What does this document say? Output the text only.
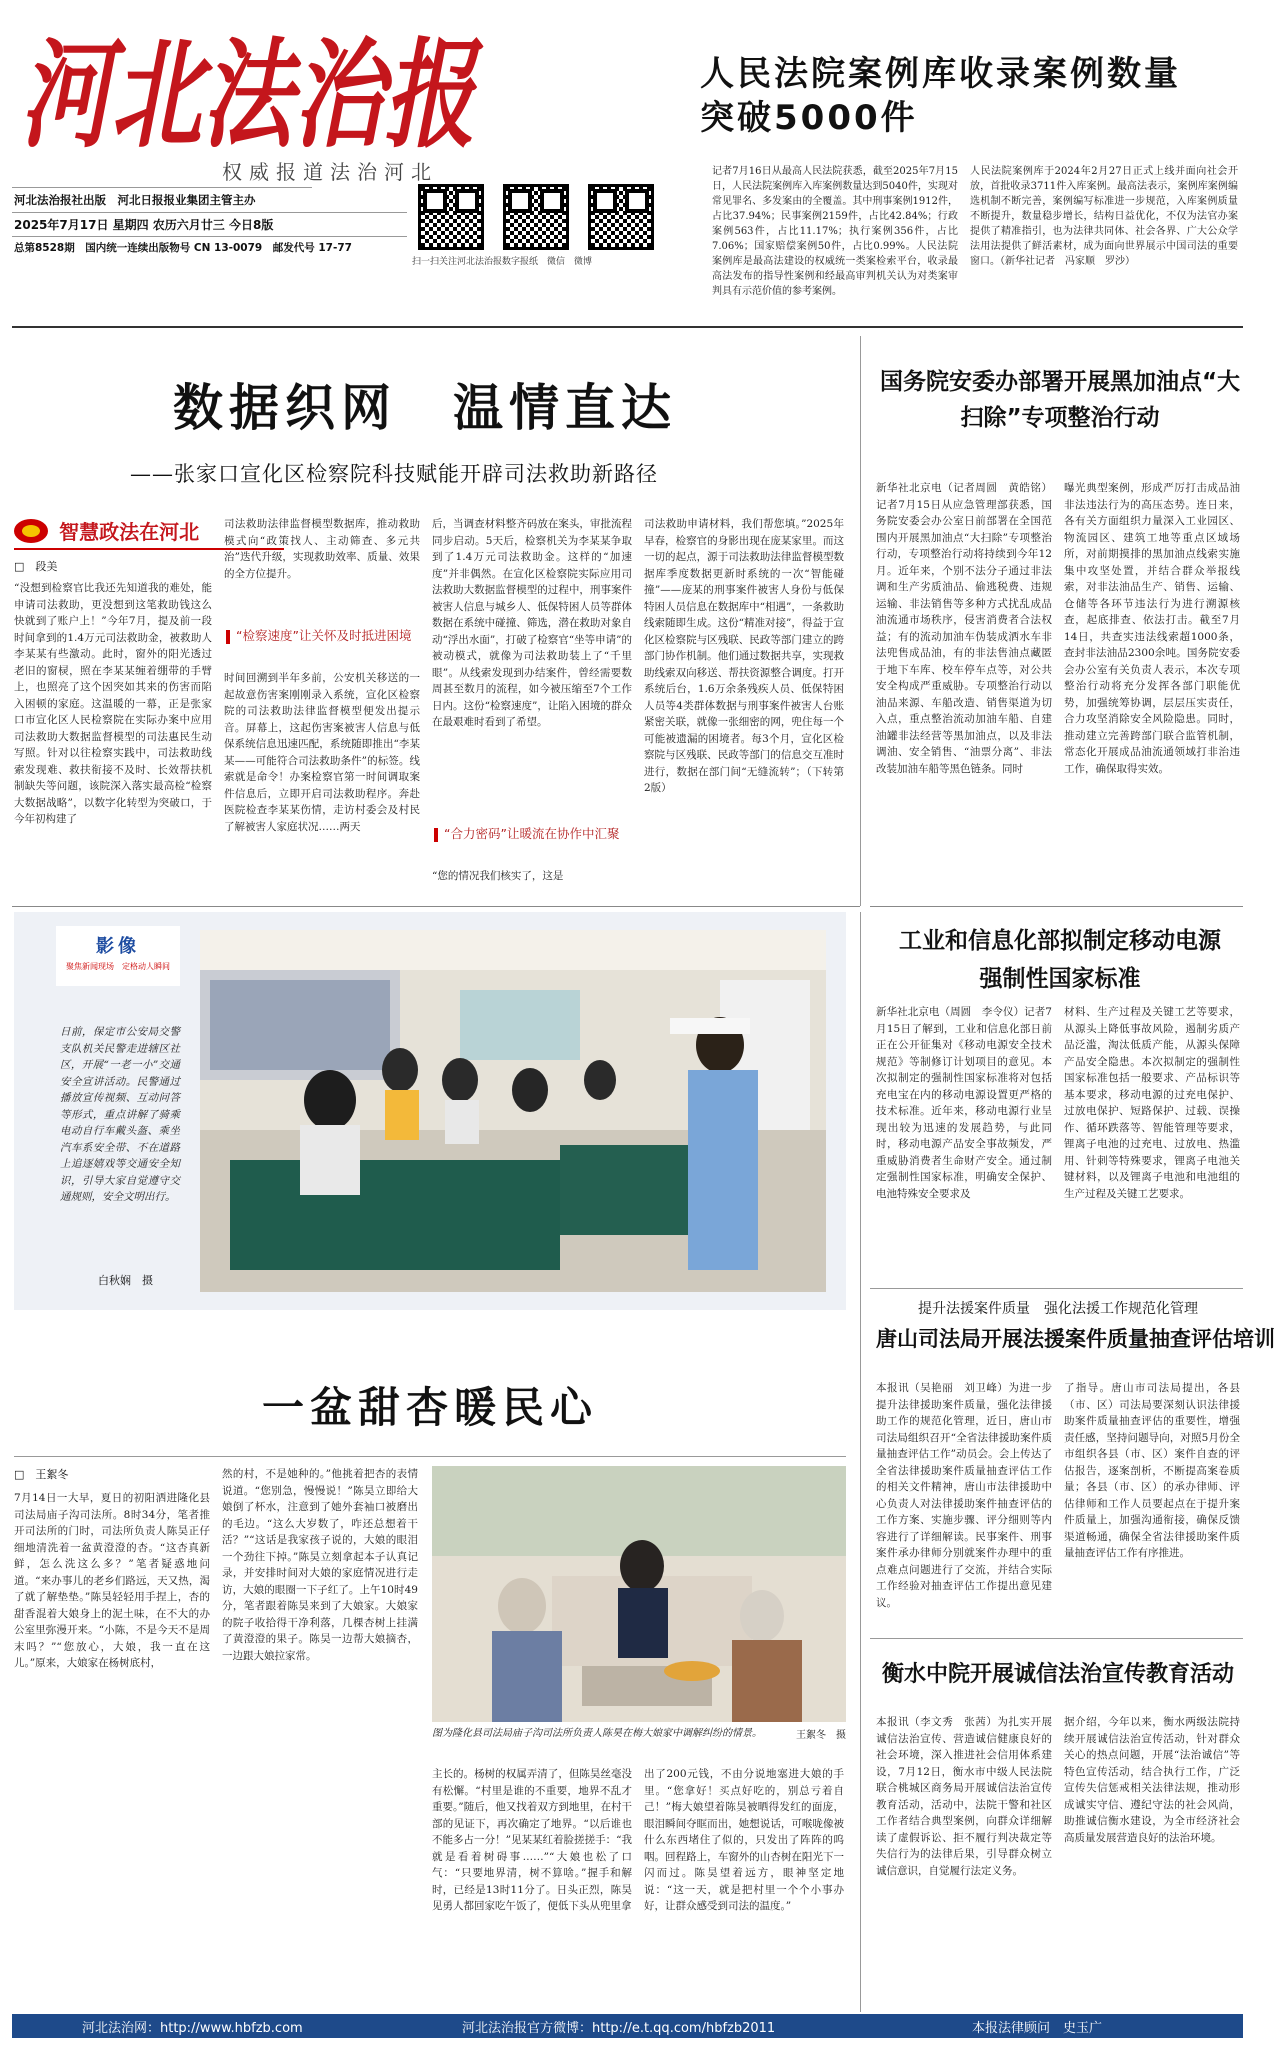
河北法治报
权威报道法治河北
河北法治报社出版　河北日报报业集团主管主办
2025年7月17日 星期四 农历六月廿三 今日8版
总第8528期　国内统一连续出版物号 CN 13-0079　邮发代号 17-77
扫一扫关注河北法治报数字报纸　微信　微博
人民法院案例库收录案例数量突破5000件
记者7月16日从最高人民法院获悉，截至2025年7月15日，人民法院案例库入库案例数量达到5040件，实现对常见罪名、多发案由的全覆盖。其中刑事案例1912件，占比37.94%；民事案例2159件，占比42.84%；行政案例563件，占比11.17%；执行案例356件，占比7.06%；国家赔偿案例50件，占比0.99%。人民法院案例库是最高法建设的权威统一类案检索平台，收录最高法发布的指导性案例和经最高审判机关认为对类案审判具有示范价值的参考案例。
人民法院案例库于2024年2月27日正式上线并面向社会开放，首批收录3711件入库案例。最高法表示，案例库案例编选机制不断完善，案例编写标准进一步规范，入库案例质量不断提升，数量稳步增长，结构日益优化，不仅为法官办案提供了精准指引，也为法律共同体、社会各界、广大公众学法用法提供了鲜活素材，成为面向世界展示中国司法的重要窗口。（新华社记者　冯家顺　罗沙）
数据织网　温情直达
——张家口宣化区检察院科技赋能开辟司法救助新路径
智慧政法在河北
□　段美
“没想到检察官比我还先知道我的难处，能申请司法救助，更没想到这笔救助钱这么快就到了账户上！”今年7月，提及前一段时间拿到的1.4万元司法救助金，被救助人李某某有些激动。此时，窗外的阳光透过老旧的窗棂，照在李某某缠着绷带的手臂上，也照亮了这个因突如其来的伤害而陷入困顿的家庭。这温暖的一幕，正是张家口市宣化区人民检察院在实际办案中应用司法救助大数据监督模型的司法惠民生动写照。针对以往检察实践中，司法救助线索发现难、救扶衔接不及时、长效帮扶机制缺失等问题，该院深入落实最高检“检察大数据战略”，以数字化转型为突破口，于今年初构建了
司法救助法律监督模型数据库，推动救助模式向“政策找人、主动筛查、多元共治”迭代升级，实现救助效率、质量、效果的全方位提升。
“检察速度”让关怀及时抵进困境
时间回溯到半年多前，公安机关移送的一起故意伤害案刚刚录入系统，宣化区检察院的司法救助法律监督模型便发出提示音。屏幕上，这起伤害案被害人信息与低保系统信息迅速匹配，系统随即推出“李某某——可能符合司法救助条件”的标签。线索就是命令！办案检察官第一时间调取案件信息后，立即开启司法救助程序。奔赴医院检查李某某伤情，走访村委会及村民了解被害人家庭状况……两天
后，当调查材料整齐码放在案头，审批流程同步启动。5天后，检察机关为李某某争取到了1.4万元司法救助金。这样的“加速度”并非偶然。在宣化区检察院实际应用司法救助大数据监督模型的过程中，刑事案件被害人信息与城乡人、低保特困人员等群体数据在系统中碰撞、筛选，潜在救助对象自动“浮出水面”，打破了检察官“坐等申请”的被动模式，就像为司法救助装上了“千里眼”。从线索发现到办结案件，曾经需要数周甚至数月的流程，如今被压缩至7个工作日内。这份“检察速度”，让陷入困境的群众在最艰难时看到了希望。
“合力密码”让暖流在协作中汇聚
“您的情况我们核实了，这是
司法救助申请材料，我们帮您填。”2025年早春，检察官的身影出现在庞某家里。而这一切的起点，源于司法救助法律监督模型数据库季度数据更新时系统的一次“智能碰撞”——庞某的刑事案件被害人身份与低保特困人员信息在数据库中“相遇”，一条救助线索随即生成。这份“精准对接”，得益于宣化区检察院与区残联、民政等部门建立的跨部门协作机制。他们通过数据共享，实现救助线索双向移送、帮扶资源整合调度。打开系统后台，1.6万余条残疾人员、低保特困人员等4类群体数据与刑事案件被害人台账紧密关联，就像一张细密的网，兜住每一个可能被遗漏的困境者。每3个月，宣化区检察院与区残联、民政等部门的信息交互准时进行，数据在部门间“无缝流转”；（下转第2版）
国务院安委办部署开展黑加油点“大扫除”专项整治行动
新华社北京电（记者周圆　黄皓铭）记者7月15日从应急管理部获悉，国务院安委会办公室日前部署在全国范围内开展黑加油点“大扫除”专项整治行动，专项整治行动将持续到今年12月。近年来，个别不法分子通过非法调和生产劣质油品、偷逃税费、违规运输、非法销售等多种方式扰乱成品油流通市场秩序，侵害消费者合法权益；有的流动加油车伪装成洒水车非法兜售成品油，有的非法售油点藏匿于地下车库、校车停车点等，对公共安全构成严重威胁。专项整治行动以油品来源、车船改造、销售渠道为切入点，重点整治流动加油车船、自建油罐非法经营等黑加油点，以及非法调油、安全销售、“油票分离”、非法改装加油车船等黑色链条。同时
曝光典型案例，形成严厉打击成品油非法违法行为的高压态势。连日来，各有关方面组织力量深入工业园区、物流园区、建筑工地等重点区域场所，对前期摸排的黑加油点线索实施集中攻坚处置，并结合群众举报线索，对非法油品生产、销售、运输、仓储等各环节违法行为进行溯源核查，起底排查、依法打击。截至7月14日，共查实违法线索超1000条，查封非法油品2300余吨。国务院安委会办公室有关负责人表示，本次专项整治行动将充分发挥各部门职能优势，加强统筹协调，层层压实责任，合力攻坚消除安全风险隐患。同时，推动建立完善跨部门联合监管机制，常态化开展成品油流通领域打非治违工作，确保取得实效。
影像
聚焦新闻现场　定格动人瞬间
日前，保定市公安局交警支队机关民警走进辖区社区，开展“一老一小”交通安全宣讲活动。民警通过播放宣传视频、互动问答等形式，重点讲解了骑乘电动自行车戴头盔、乘坐汽车系安全带、不在道路上追逐嬉戏等交通安全知识，引导大家自觉遵守交通规则，安全文明出行。
白秋娴　摄
工业和信息化部拟制定移动电源强制性国家标准
新华社北京电（周圆　李令仪）记者7月15日了解到，工业和信息化部日前正在公开征集对《移动电源安全技术规范》等制修订计划项目的意见。本次拟制定的强制性国家标准将对包括充电宝在内的移动电源设置更严格的技术标准。近年来，移动电源行业呈现出较为迅速的发展趋势，与此同时，移动电源产品安全事故频发，严重威胁消费者生命财产安全。通过制定强制性国家标准，明确安全保护、电池特殊安全要求及
材料、生产过程及关键工艺等要求，从源头上降低事故风险，遏制劣质产品泛滥，淘汰低质产能，从源头保障产品安全隐患。本次拟制定的强制性国家标准包括一般要求、产品标识等基本要求，移动电源的过充电保护、过放电保护、短路保护、过载、误操作、循环跌落等、智能管理等要求，锂离子电池的过充电、过放电、热滥用、针刺等特殊要求，锂离子电池关键材料，以及锂离子电池和电池组的生产过程及关键工艺要求。
提升法援案件质量　强化法援工作规范化管理
唐山司法局开展法援案件质量抽查评估培训
本报讯（吴艳丽　刘卫峰）为进一步提升法律援助案件质量，强化法律援助工作的规范化管理，近日，唐山市司法局组织召开“全省法律援助案件质量抽查评估工作”动员会。会上传达了全省法律援助案件质量抽查评估工作的相关文件精神，唐山市法律援助中心负责人对法律援助案件抽查评估的工作方案、实施步骤、评分细则等内容进行了详细解读。民事案件、刑事案件承办律师分别就案件办理中的重点难点问题进行了交流，并结合实际工作经验对抽查评估工作提出意见建议。
了指导。唐山市司法局提出，各县（市、区）司法局要深刻认识法律援助案件质量抽查评估的重要性，增强责任感，坚持问题导向，对照5月份全市组织各县（市、区）案件自查的评估报告，逐案剖析，不断提高案卷质量；各县（市、区）的承办律师、评估律师和工作人员要起点在于提升案件质量上，加强沟通衔接，确保反馈渠道畅通，确保全省法律援助案件质量抽查评估工作有序推进。
衡水中院开展诚信法治宣传教育活动
本报讯（李文秀　张茜）为扎实开展诚信法治宣传、营造诚信健康良好的社会环境，深入推进社会信用体系建设，7月12日，衡水市中级人民法院联合桃城区商务局开展诚信法治宣传教育活动，活动中，法院干警和社区工作者结合典型案例，向群众详细解读了虚假诉讼、拒不履行判决裁定等失信行为的法律后果，引导群众树立诚信意识，自觉履行法定义务。
据介绍，今年以来，衡水两级法院持续开展诚信法治宣传活动，针对群众关心的热点问题，开展“法治诚信”等特色宣传活动，结合执行工作，广泛宣传失信惩戒相关法律法规，推动形成诚实守信、遵纪守法的社会风尚，助推诚信衡水建设，为全市经济社会高质量发展营造良好的法治环境。
一盆甜杏暖民心
□　王絮冬
7月14日一大早，夏日的初阳洒进隆化县司法局庙子沟司法所。8时34分，笔者推开司法所的门时，司法所负责人陈昊正仔细地清洗着一盆黄澄澄的杏。“这杏真新鲜，怎么洗这么多？”笔者疑惑地问道。“来办事儿的老乡们路远，天又热，渴了就了解垫垫。”陈昊轻轻用手捏上，杏的甜香混着大娘身上的泥土味，在不大的办公室里弥漫开来。“小陈，不是今天不是周末吗？”“您放心，大娘，我一直在这儿。”原来，大娘家在杨树底村，
然的村，不是她种的。”他挑着把杏的表情说道。“您别急，慢慢说！”陈昊立即给大娘倒了杯水，注意到了她外套袖口被磨出的毛边。“这么大岁数了，咋还总想着干活？”“这话是我家孩子说的，大娘的眼泪一个劲往下掉。”陈昊立刻拿起本子认真记录，并安排时间对大娘的家庭情况进行走访，大娘的眼圈一下子红了。上午10时49分，笔者跟着陈昊来到了大娘家。大娘家的院子收拾得干净利落，几棵杏树上挂满了黄澄澄的果子。陈昊一边帮大娘摘杏，一边跟大娘拉家常。
图为隆化县司法局庙子沟司法所负责人陈昊在梅大娘家中调解纠纷的情景。	王絮冬　摄
主长的。杨树的权属弄清了，但陈昊丝毫没有松懈。“村里是谁的不重要，地界不乱才重要。”随后，他又找着双方到地里，在村干部的见证下，再次确定了地界。“以后谁也不能多占一分！”见某某红着脸搓搓手：“我就是看着树碍事……”“大娘也松了口气：“只要地界清，树不算啥。”握手和解时，已经是13时11分了。日头正烈，陈昊见勇人都回家吃午饭了，便低下头从兜里拿
出了200元钱，不由分说地塞进大娘的手里。“您拿好！买点好吃的，别总亏着自己！”梅大娘望着陈昊被晒得发红的面庞，眼泪瞬间夺眶而出，她想说话，可喉咙像被什么东西堵住了似的，只发出了阵阵的呜咽。回程路上，车窗外的山杏树在阳光下一闪而过。陈昊望着远方，眼神坚定地说：“这一天，就是把村里一个个小事办好，让群众感受到司法的温度。”
河北法治网：http://www.hbfzb.com	河北法治报官方微博：http://e.t.qq.com/hbfzb2011	本报法律顾问　史玉广
